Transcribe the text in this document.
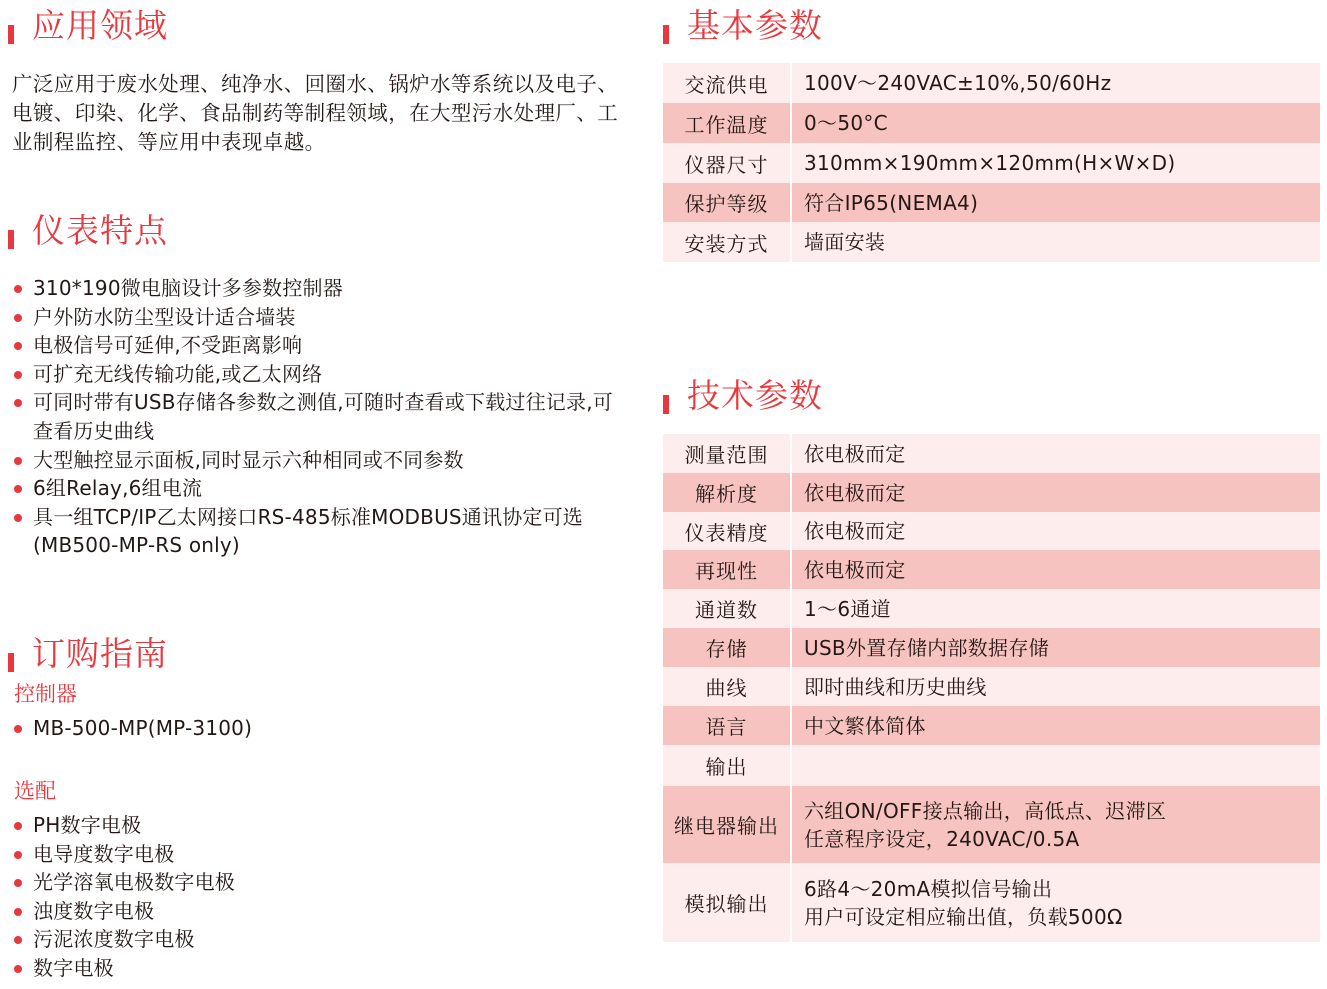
应用领域

广泛应用于废水处理、纯净水、回圈水、锅炉水等系统以及电子、电镀、印染、化学、食品制药等制程领域，在大型污水处理厂、工业制程监控、等应用中表现卓越。

仪表特点
310*190微电脑设计多参数控制器
户外防水防尘型设计适合墙装
电极信号可延伸,不受距离影响
可扩充无线传输功能,或乙太网络
可同时带有USB存储各参数之测值,可随时查看或下载过往记录,可查看历史曲线
大型触控显示面板,同时显示六种相同或不同参数
6组Relay,6组电流
具一组TCP/IP乙太网接口RS-485标准MODBUS通讯协定可选(MB500-MP-RS only)
订购指南
控制器
MB-500-MP(MP-3100)
选配
PH数字电极
电导度数字电极
光学溶氧电极数字电极
浊度数字电极
污泥浓度数字电极
数字电极
基本参数
交流供电	100V～240VAC±10%,50/60Hz
工作温度	0～50°C
仪器尺寸	310mm×190mm×120mm(H×W×D)
保护等级	符合IP65(NEMA4)
安装方式	墙面安装
技术参数
测量范围	依电极而定
解析度	依电极而定
仪表精度	依电极而定
再现性	依电极而定
通道数	1～6通道
存储	USB外置存储内部数据存储
曲线	即时曲线和历史曲线
语言	中文繁体简体
输出	
继电器输出	六组ON/OFF接点输出，高低点、迟滞区
任意程序设定，240VAC/0.5A

模拟输出	6路4～20mA模拟信号输出
用户可设定相应输出值，负载500Ω
